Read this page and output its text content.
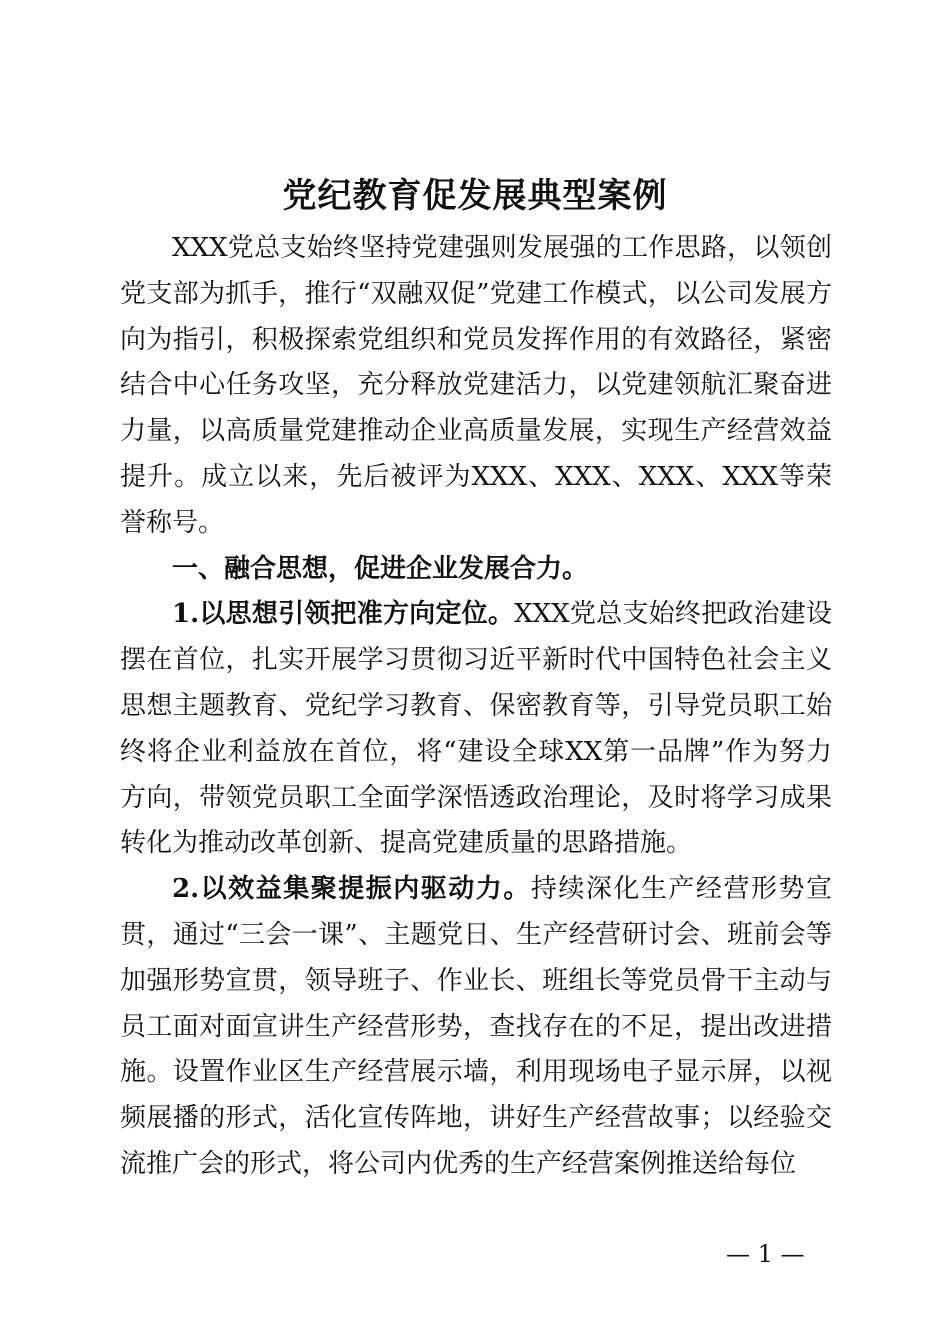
党纪教育促发展典型案例

XXX党总支始终坚持党建强则发展强的工作思路，以领创党支部为抓手，推行“双融双促”党建工作模式，以公司发展方向为指引，积极探索党组织和党员发挥作用的有效路径，紧密结合中心任务攻坚，充分释放党建活力，以党建领航汇聚奋进力量，以高质量党建推动企业高质量发展，实现生产经营效益提升。成立以来，先后被评为XXX、XXX、XXX、XXX等荣誉称号。

一、融合思想，促进企业发展合力。

1.以思想引领把准方向定位。XXX党总支始终把政治建设摆在首位，扎实开展学习贯彻习近平新时代中国特色社会主义思想主题教育、党纪学习教育、保密教育等，引导党员职工始终将企业利益放在首位，将“建设全球XX第一品牌”作为努力方向，带领党员职工全面学深悟透政治理论，及时将学习成果转化为推动改革创新、提高党建质量的思路措施。

2.以效益集聚提振内驱动力。持续深化生产经营形势宣贯，通过“三会一课”、主题党日、生产经营研讨会、班前会等加强形势宣贯，领导班子、作业长、班组长等党员骨干主动与员工面对面宣讲生产经营形势，查找存在的不足，提出改进措施。设置作业区生产经营展示墙，利用现场电子显示屏，以视频展播的形式，活化宣传阵地，讲好生产经营故事；以经验交流推广会的形式，将公司内优秀的生产经营案例推送给每位

— 1 —
